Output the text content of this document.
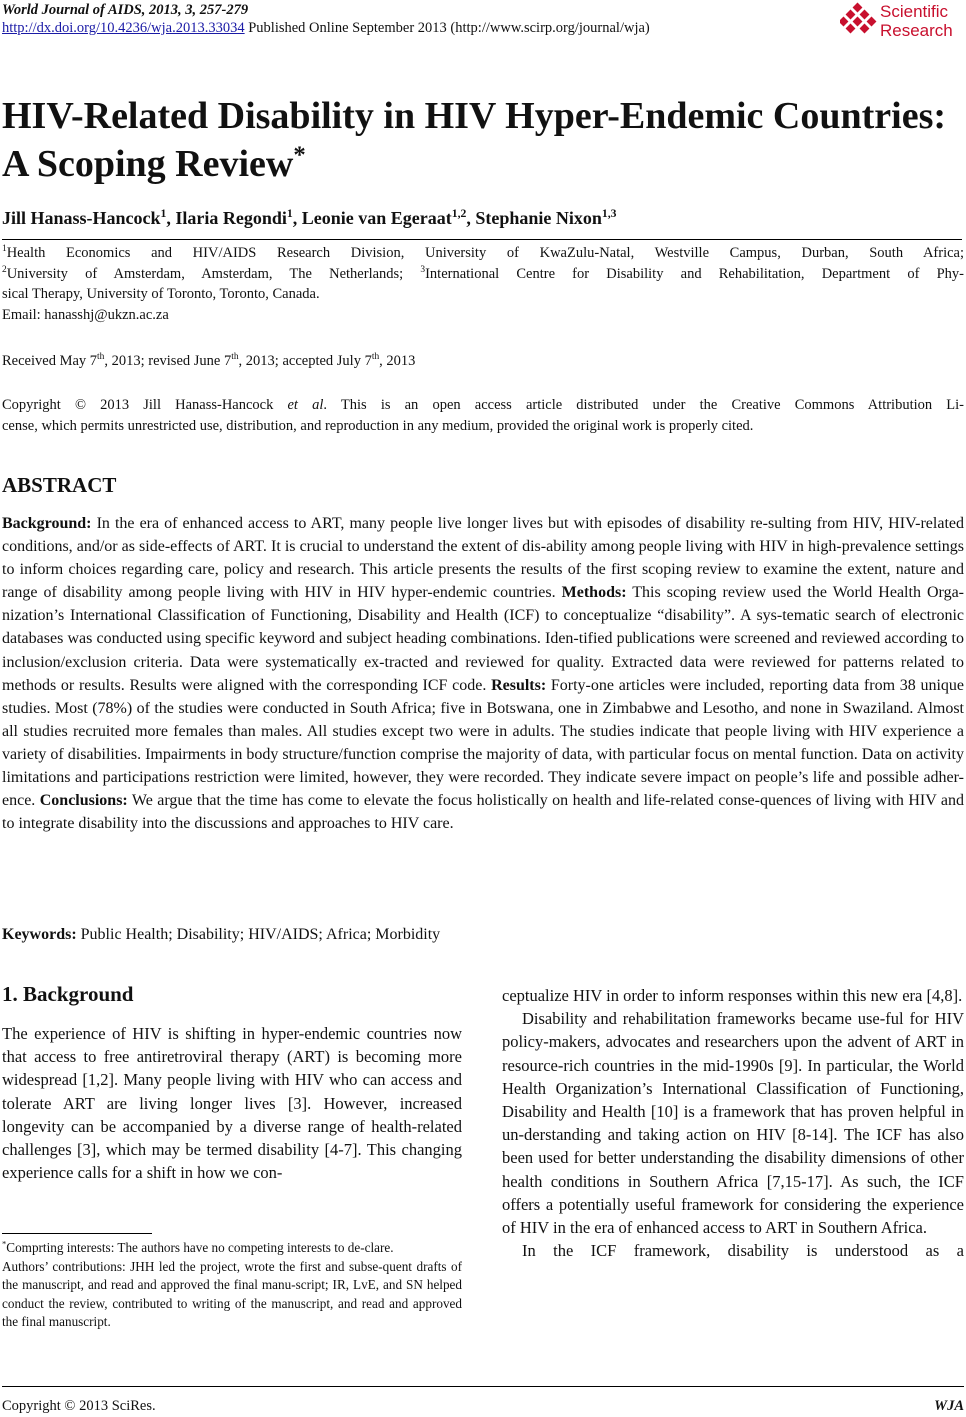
World Journal of AIDS, 2013, 3, 257-279
http://dx.doi.org/10.4236/wja.2013.33034 Published Online September 2013 (http://www.scirp.org/journal/wja)
Scientific
Research
HIV-Related Disability in HIV Hyper-Endemic Countries:
A Scoping Review*
Jill Hanass-Hancock$^1$, Ilaria Regondi$^1$, Leonie van Egeraat$^{1,2}$, Stephanie Nixon$^{1,3}$
$^1$Health Economics and HIV/AIDS Research Division, University of KwaZulu-Natal, Westville Campus, Durban, South Africa;
$^2$University of Amsterdam, Amsterdam, The Netherlands; $^3$International Centre for Disability and Rehabilitation, Department of Phy-
sical Therapy, University of Toronto, Toronto, Canada.
Email: hanasshj@ukzn.ac.za
Received May 7th, 2013; revised June 7th, 2013; accepted July 7th, 2013
Copyright © 2013 Jill Hanass-Hancock et al. This is an open access article distributed under the Creative Commons Attribution Li-
cense, which permits unrestricted use, distribution, and reproduction in any medium, provided the original work is properly cited.
ABSTRACT
Background: In the era of enhanced access to ART, many people live longer lives but with episodes of disability re-sulting from HIV, HIV-related conditions, and/or as side-effects of ART. It is crucial to understand the extent of dis-ability among people living with HIV in high-prevalence settings to inform choices regarding care, policy and research. This article presents the results of the first scoping review to examine the extent, nature and range of disability among people living with HIV in HIV hyper-endemic countries. Methods: This scoping review used the World Health Orga-nization’s International Classification of Functioning, Disability and Health (ICF) to conceptualize “disability”. A sys-tematic search of electronic databases was conducted using specific keyword and subject heading combinations. Iden-tified publications were screened and reviewed according to inclusion/exclusion criteria. Data were systematically ex-tracted and reviewed for quality. Extracted data were reviewed for patterns related to methods or results. Results were aligned with the corresponding ICF code. Results: Forty-one articles were included, reporting data from 38 unique studies. Most (78%) of the studies were conducted in South Africa; five in Botswana, one in Zimbabwe and Lesotho, and none in Swaziland. Almost all studies recruited more females than males. All studies except two were in adults. The studies indicate that people living with HIV experience a variety of disabilities. Impairments in body structure/function comprise the majority of data, with particular focus on mental function. Data on activity limitations and participations restriction were limited, however, they were recorded. They indicate severe impact on people’s life and possible adher-ence. Conclusions: We argue that the time has come to elevate the focus holistically on health and life-related conse-quences of living with HIV and to integrate disability into the discussions and approaches to HIV care.
Keywords: Public Health; Disability; HIV/AIDS; Africa; Morbidity
1. Background
The experience of HIV is shifting in hyper-endemic countries now that access to free antiretroviral therapy (ART) is becoming more widespread [1,2]. Many people living with HIV who can access and tolerate ART are living longer lives [3]. However, increased longevity can be accompanied by a diverse range of health-related challenges [3], which may be termed disability [4-7]. This changing experience calls for a shift in how we con-
*Comprting interests: The authors have no competing interests to de-clare.
Authors’ contributions: JHH led the project, wrote the first and subse-quent drafts of the manuscript, and read and approved the final manu-script; IR, LvE, and SN helped conduct the review, contributed to writing of the manuscript, and read and approved the final manuscript.
ceptualize HIV in order to inform responses within this new era [4,8].
Disability and rehabilitation frameworks became use-ful for HIV policy-makers, advocates and researchers upon the advent of ART in resource-rich countries in the mid-1990s [9]. In particular, the World Health Organization’s International Classification of Functioning, Disability and Health [10] is a framework that has proven helpful in un-derstanding and taking action on HIV [8-14]. The ICF has also been used for better understanding the disability dimensions of other health conditions in Southern Africa [7,15-17]. As such, the ICF offers a potentially useful framework for considering the experience of HIV in the era of enhanced access to ART in Southern Africa.
In the ICF framework, disability is understood as a
Copyright © 2013 SciRes.	WJA
